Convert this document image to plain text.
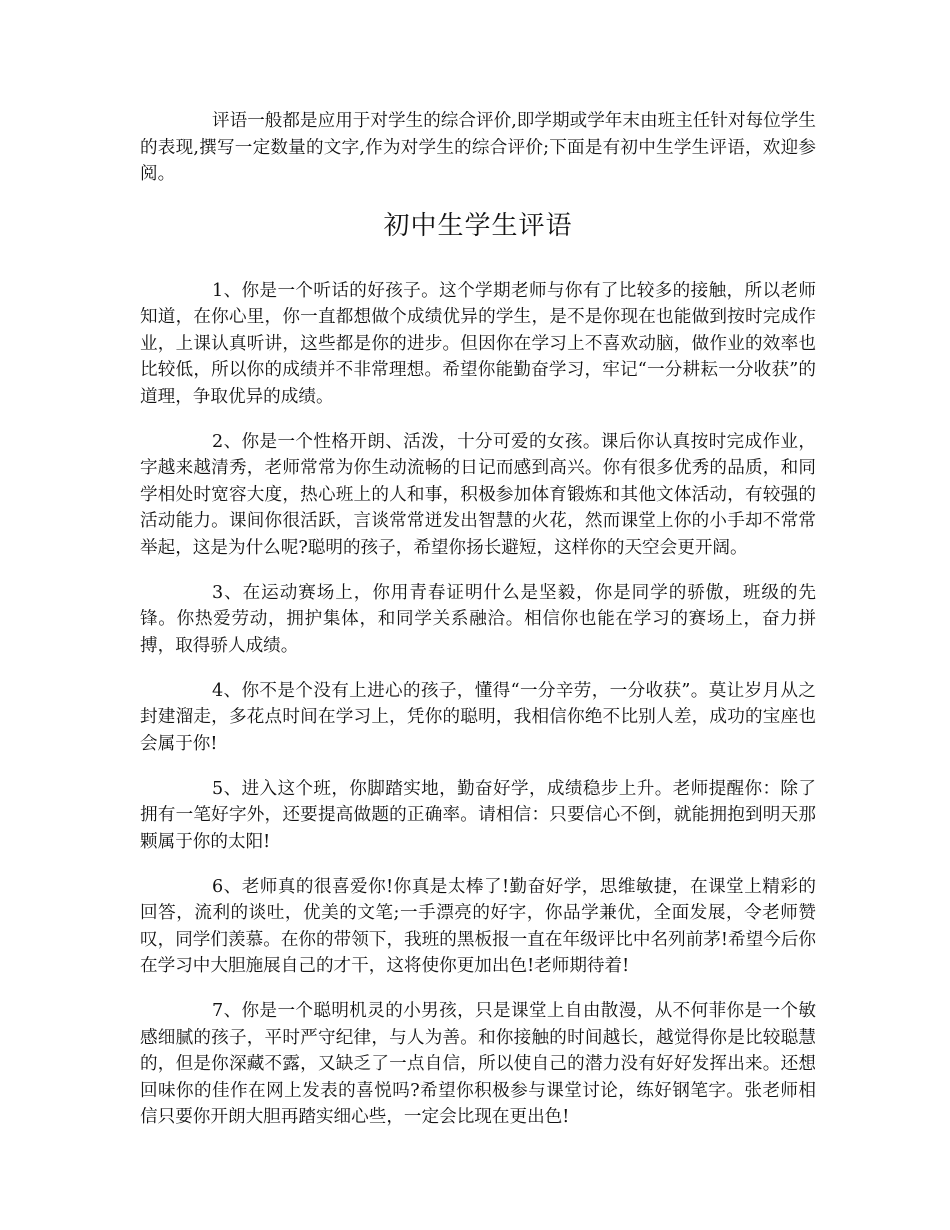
评语一般都是应用于对学生的综合评价,即学期或学年末由班主任针对每位学生的表现,撰写一定数量的文字,作为对学生的综合评价;下面是有初中生学生评语，欢迎参阅。

初中生学生评语

1、你是一个听话的好孩子。这个学期老师与你有了比较多的接触，所以老师知道，在你心里，你一直都想做个成绩优异的学生，是不是你现在也能做到按时完成作业，上课认真听讲，这些都是你的进步。但因你在学习上不喜欢动脑，做作业的效率也比较低，所以你的成绩并不非常理想。希望你能勤奋学习，牢记“一分耕耘一分收获”的道理，争取优异的成绩。

2、你是一个性格开朗、活泼，十分可爱的女孩。课后你认真按时完成作业，字越来越清秀，老师常常为你生动流畅的日记而感到高兴。你有很多优秀的品质，和同学相处时宽容大度，热心班上的人和事，积极参加体育锻炼和其他文体活动，有较强的活动能力。课间你很活跃，言谈常常迸发出智慧的火花，然而课堂上你的小手却不常常举起，这是为什么呢?聪明的孩子，希望你扬长避短，这样你的天空会更开阔。

3、在运动赛场上，你用青春证明什么是坚毅，你是同学的骄傲，班级的先锋。你热爱劳动，拥护集体，和同学关系融洽。相信你也能在学习的赛场上，奋力拼搏，取得骄人成绩。

4、你不是个没有上进心的孩子，懂得“一分辛劳，一分收获”。莫让岁月从之封建溜走，多花点时间在学习上，凭你的聪明，我相信你绝不比别人差，成功的宝座也会属于你!

5、进入这个班，你脚踏实地，勤奋好学，成绩稳步上升。老师提醒你：除了拥有一笔好字外，还要提高做题的正确率。请相信：只要信心不倒，就能拥抱到明天那颗属于你的太阳!

6、老师真的很喜爱你!你真是太棒了!勤奋好学，思维敏捷，在课堂上精彩的回答，流利的谈吐，优美的文笔;一手漂亮的好字，你品学兼优，全面发展，令老师赞叹，同学们羡慕。在你的带领下，我班的黑板报一直在年级评比中名列前茅!希望今后你在学习中大胆施展自己的才干，这将使你更加出色!老师期待着!

7、你是一个聪明机灵的小男孩，只是课堂上自由散漫，从不何菲你是一个敏感细腻的孩子，平时严守纪律，与人为善。和你接触的时间越长，越觉得你是比较聪慧的，但是你深藏不露，又缺乏了一点自信，所以使自己的潜力没有好好发挥出来。还想回味你的佳作在网上发表的喜悦吗?希望你积极参与课堂讨论，练好钢笔字。张老师相信只要你开朗大胆再踏实细心些，一定会比现在更出色!
